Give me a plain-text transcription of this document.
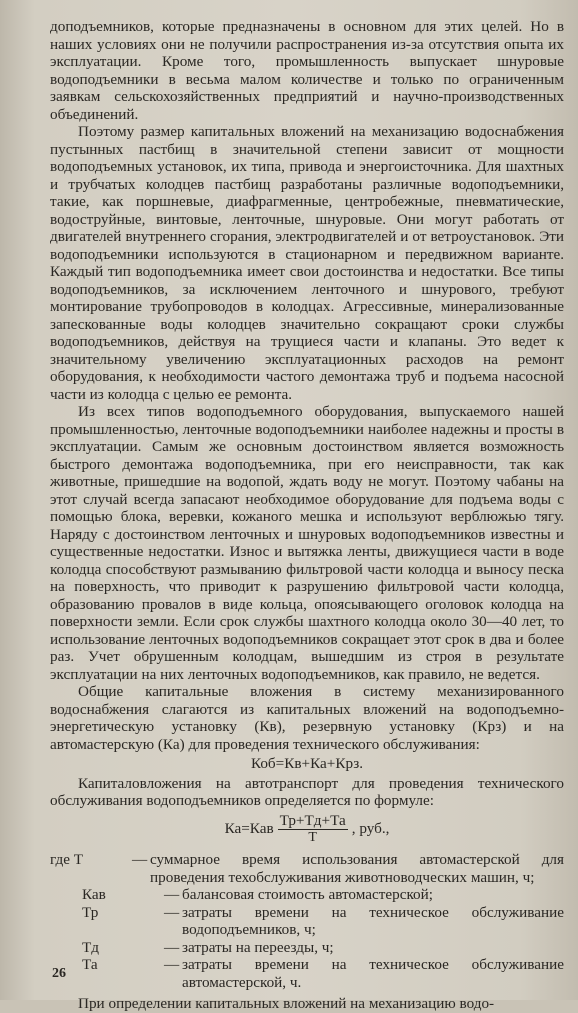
доподъемников, которые предназначены в основном для этих целей. Но в наших условиях они не получили распространения из-за отсутствия опыта их эксплуатации. Кроме того, промышленность выпускает шнуровые водоподъемники в весьма малом количестве и только по ограниченным заявкам сельскохозяйственных предприятий и научно-производственных объединений.

Поэтому размер капитальных вложений на механизацию водоснабжения пустынных пастбищ в значительной степени зависит от мощности водоподъемных установок, их типа, привода и энергоисточника. Для шахтных и трубчатых колодцев пастбищ разработаны различные водоподъемники, такие, как поршневые, диафрагменные, центробежные, пневматические, водоструйные, винтовые, ленточные, шнуровые. Они могут работать от двигателей внутреннего сгорания, электродвигателей и от ветроустановок. Эти водоподъемники используются в стационарном и передвижном варианте. Каждый тип водоподъемника имеет свои достоинства и недостатки. Все типы водоподъемников, за исключением ленточного и шнурового, требуют монтирование трубопроводов в колодцах. Агрессивные, минерализованные запескованные воды колодцев значительно сокращают сроки службы водоподъемников, действуя на трущиеся части и клапаны. Это ведет к значительному увеличению эксплуатационных расходов на ремонт оборудования, к необходимости частого демонтажа труб и подъема насосной части из колодца с целью ее ремонта.

Из всех типов водоподъемного оборудования, выпускаемого нашей промышленностью, ленточные водоподъемники наиболее надежны и просты в эксплуатации. Самым же основным достоинством является возможность быстрого демонтажа водоподъемника, при его неисправности, так как животные, пришедшие на водопой, ждать воду не могут. Поэтому чабаны на этот случай всегда запасают необходимое оборудование для подъема воды с помощью блока, веревки, кожаного мешка и используют верблюжью тягу. Наряду с достоинством ленточных и шнуровых водоподъемников известны и существенные недостатки. Износ и вытяжка ленты, движущиеся части в воде колодца способствуют размыванию фильтровой части колодца и выносу песка на поверхность, что приводит к разрушению фильтровой части колодца, образованию провалов в виде кольца, опоясывающего оголовок колодца на поверхности земли. Если срок службы шахтного колодца около 30—40 лет, то использование ленточных водоподъемников сокращает этот срок в два и более раз. Учет обрушенным колодцам, вышедшим из строя в результате эксплуатации на них ленточных водоподъемников, как правило, не ведется.

Общие капитальные вложения в систему механизированного водоснабжения слагаются из капитальных вложений на водоподъемно-энергетическую установку (Кв), резервную установку (Крз) и на автомастерскую (Ка) для проведения технического обслуживания:

Коб=Кв+Ка+Крз.

Капиталовложения на автотранспорт для проведения технического обслуживания водоподъемников определяется по формуле:

$Ка=Кав \frac{Тр+Тд+Та}{Т}$ , руб.,
где Т	— суммарное время использования автомастерской для проведения техобслуживания животноводческих машин, ч;
Кав	— балансовая стоимость автомастерской;
Тр	— затраты времени на техническое обслуживание водоподъемников, ч;
Тд	— затраты на переезды, ч;
Та	— затраты времени на техническое обслуживание автомастерской, ч.

При определении капитальных вложений на механизацию водо-

26
